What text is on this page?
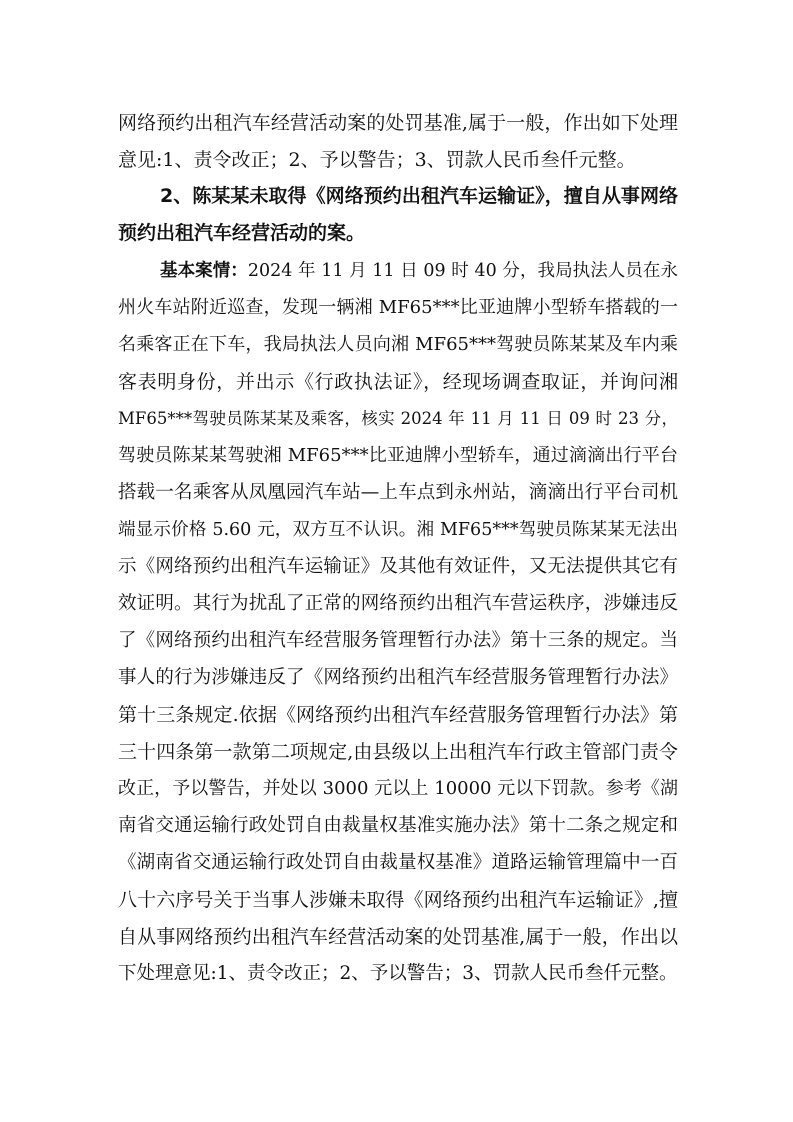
网络预约出租汽车经营活动案的处罚基准,属于一般，作出如下处理
意见:1、责令改正；2、予以警告；3、罚款人民币叁仟元整。
2、陈某某未取得《网络预约出租汽车运输证》，擅自从事网络
预约出租汽车经营活动的案。
基本案情：2024 年 11 月 11 日 09 时 40 分，我局执法人员在永
州火车站附近巡查，发现一辆湘 MF65***比亚迪牌小型轿车搭载的一
名乘客正在下车，我局执法人员向湘 MF65***驾驶员陈某某及车内乘
客表明身份，并出示《行政执法证》，经现场调查取证，并询问湘
MF65***驾驶员陈某某及乘客，核实 2024 年 11 月 11 日 09 时 23 分，
驾驶员陈某某驾驶湘 MF65***比亚迪牌小型轿车，通过滴滴出行平台
搭载一名乘客从凤凰园汽车站—上车点到永州站，滴滴出行平台司机
端显示价格 5.60 元，双方互不认识。湘 MF65***驾驶员陈某某无法出
示《网络预约出租汽车运输证》及其他有效证件，又无法提供其它有
效证明。其行为扰乱了正常的网络预约出租汽车营运秩序，涉嫌违反
了《网络预约出租汽车经营服务管理暂行办法》第十三条的规定。当
事人的行为涉嫌违反了《网络预约出租汽车经营服务管理暂行办法》
第十三条规定.依据《网络预约出租汽车经营服务管理暂行办法》第
三十四条第一款第二项规定,由县级以上出租汽车行政主管部门责令
改正，予以警告，并处以 3000 元以上 10000 元以下罚款。参考《湖
南省交通运输行政处罚自由裁量权基准实施办法》第十二条之规定和
《湖南省交通运输行政处罚自由裁量权基准》道路运输管理篇中一百
八十六序号关于当事人涉嫌未取得《网络预约出租汽车运输证》,擅
自从事网络预约出租汽车经营活动案的处罚基准,属于一般，作出以
下处理意见:1、责令改正；2、予以警告；3、罚款人民币叁仟元整。
